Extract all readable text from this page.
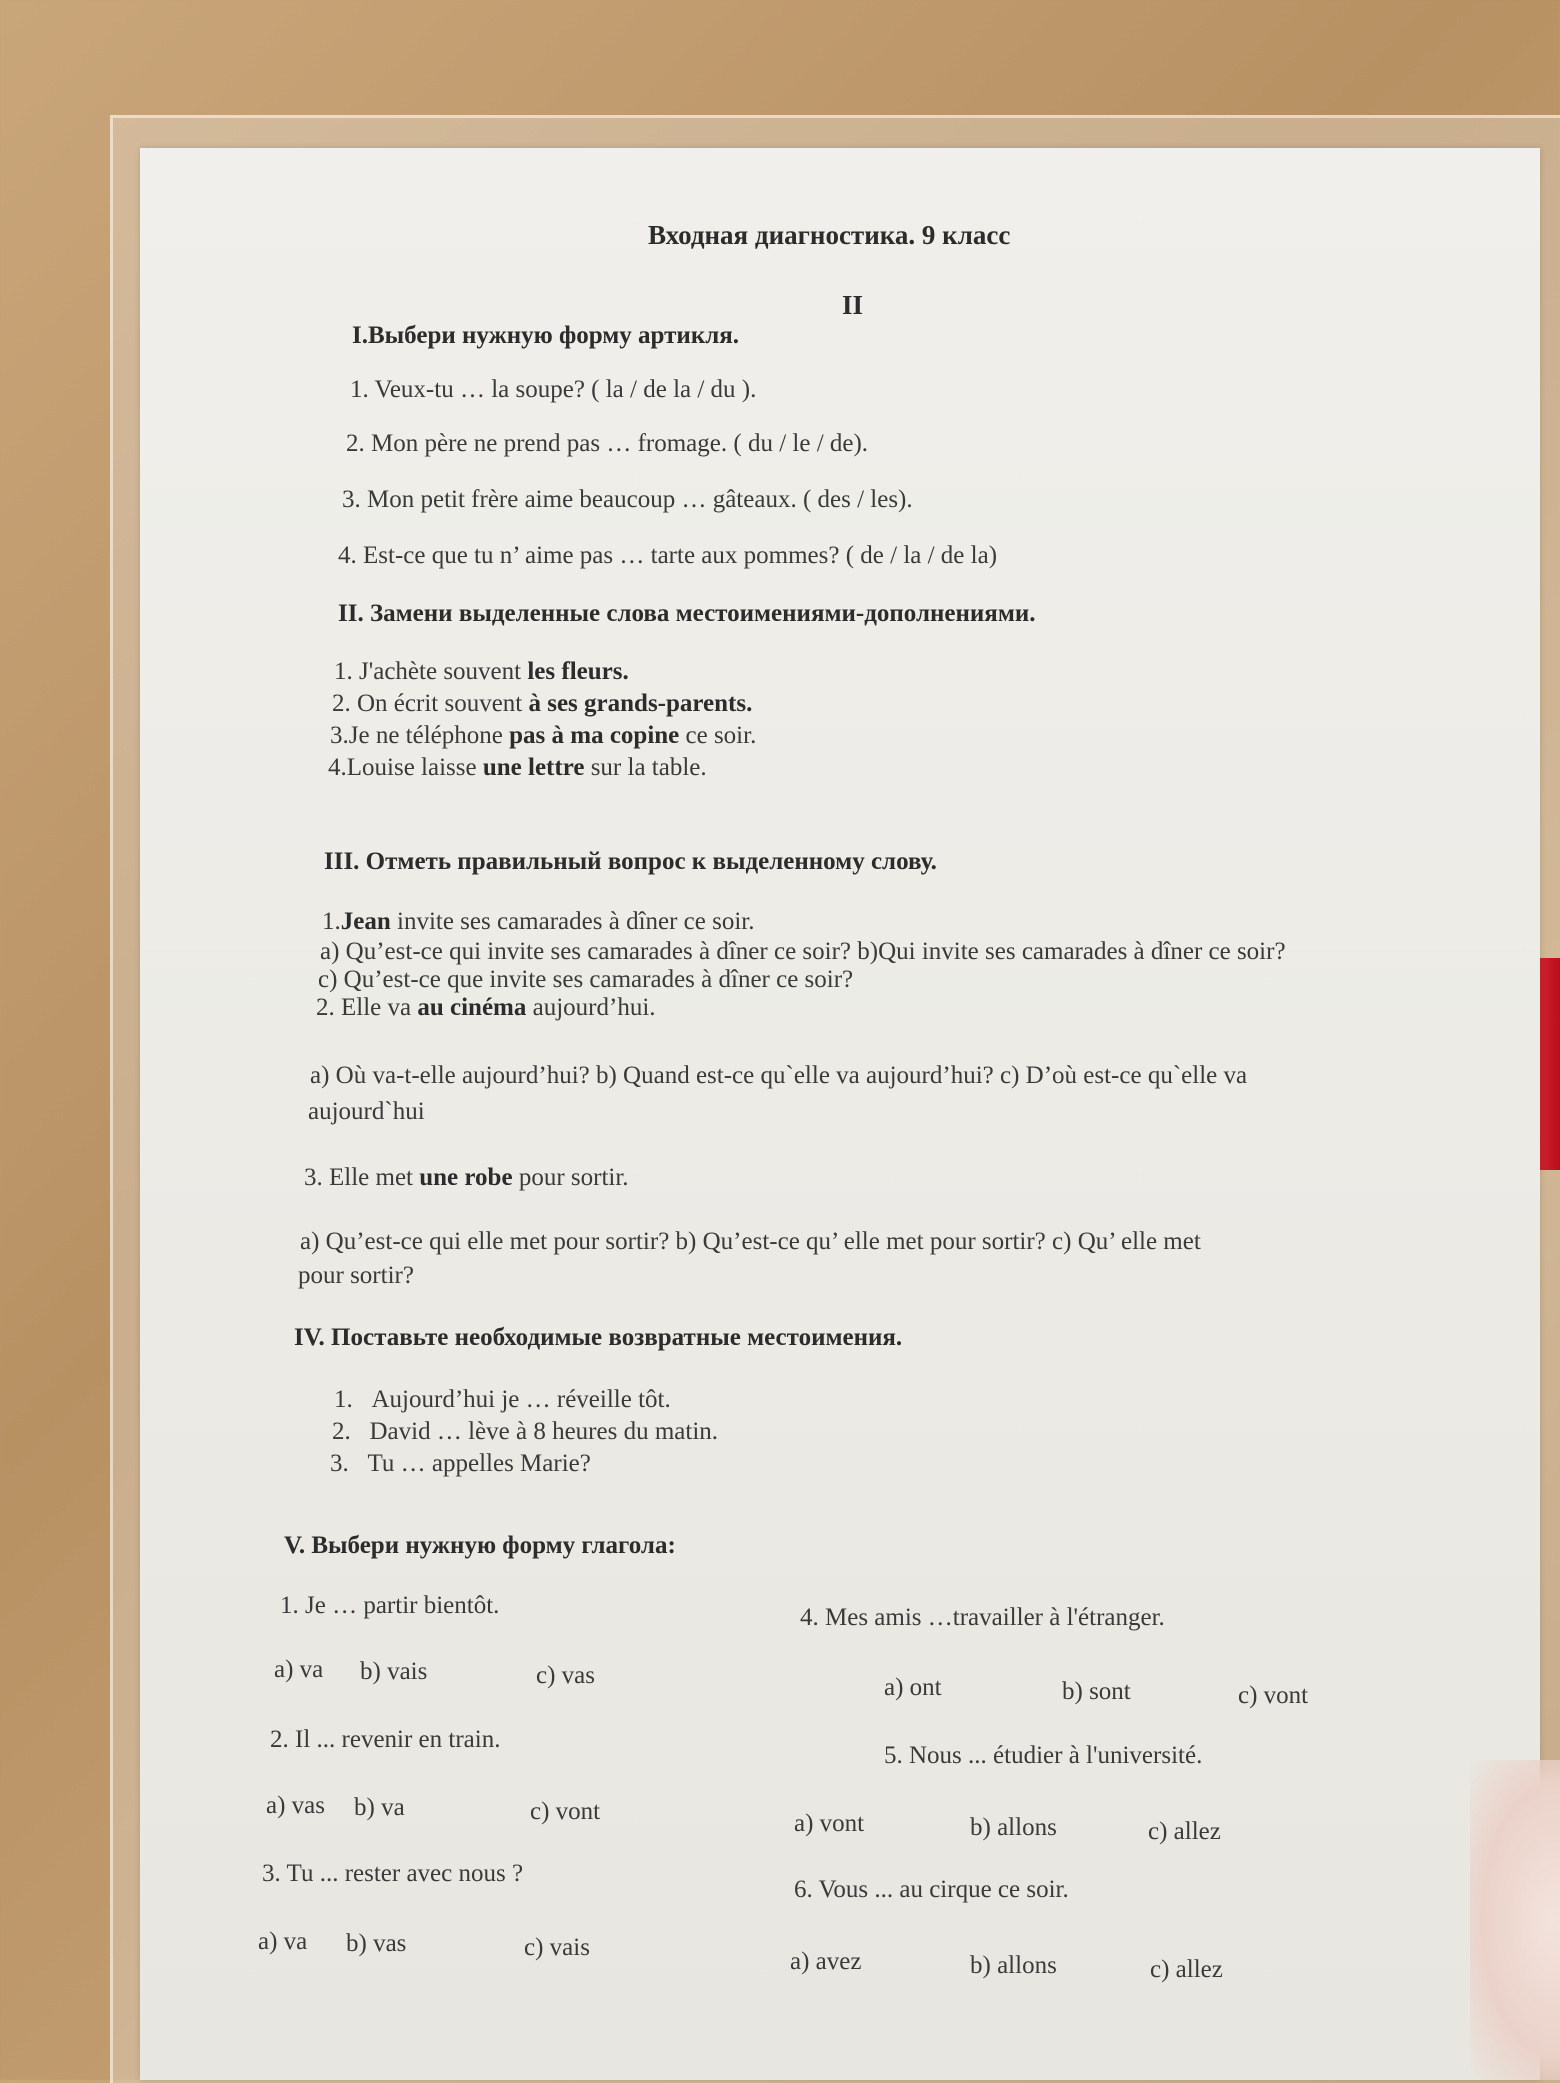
Входная диагностика. 9 класс
II
I.Выбери нужную форму артикля.
1. Veux-tu … la soupe? ( la / de la / du ).
2. Mon père ne prend pas … fromage. ( du / le / de).
3. Mon petit frère aime beaucoup … gâteaux. ( des / les).
4. Est-ce que tu n’ aime pas … tarte aux pommes? ( de / la / de la)
II. Замени выделенные слова местоимениями-дополнениями.
1. J'achète souvent les fleurs.
2. On écrit souvent à ses grands-parents.
3.Je ne téléphone pas à ma copine ce soir.
4.Louise laisse une lettre sur la table.
III. Отметь правильный вопрос к выделенному слову.
1.Jean invite ses camarades à dîner ce soir.
a) Qu’est-ce qui invite ses camarades à dîner ce soir? b)Qui invite ses camarades à dîner ce soir?
c) Qu’est-ce que invite ses camarades à dîner ce soir?
2. Elle va au cinéma aujourd’hui.
a) Où va-t-elle aujourd’hui? b) Quand est-ce qu`elle va aujourd’hui? c) D’où est-ce qu`elle va
aujourd`hui
3. Elle met une robe pour sortir.
a) Qu’est-ce qui elle met pour sortir? b) Qu’est-ce qu’ elle met pour sortir? c) Qu’ elle met
pour sortir?
IV. Поставьте необходимые возвратные местоимения.
1. Aujourd’hui je … réveille tôt.
2. David … lève à 8 heures du matin.
3. Tu … appelles Marie?
V. Выбери нужную форму глагола:
1. Je … partir bientôt.
a) va b) vais	c) vas
2. Il ... revenir en train.
a) vas b) va	c) vont
3. Tu ... rester avec nous ?
a) va b) vas	c) vais
4. Mes amis …travailler à l'étranger.
a) ont	b) sont	c) vont
5. Nous ... étudier à l'université.
a) vont	b) allons	c) allez
6. Vous ... au cirque ce soir.
a) avez	b) allons	c) allez
